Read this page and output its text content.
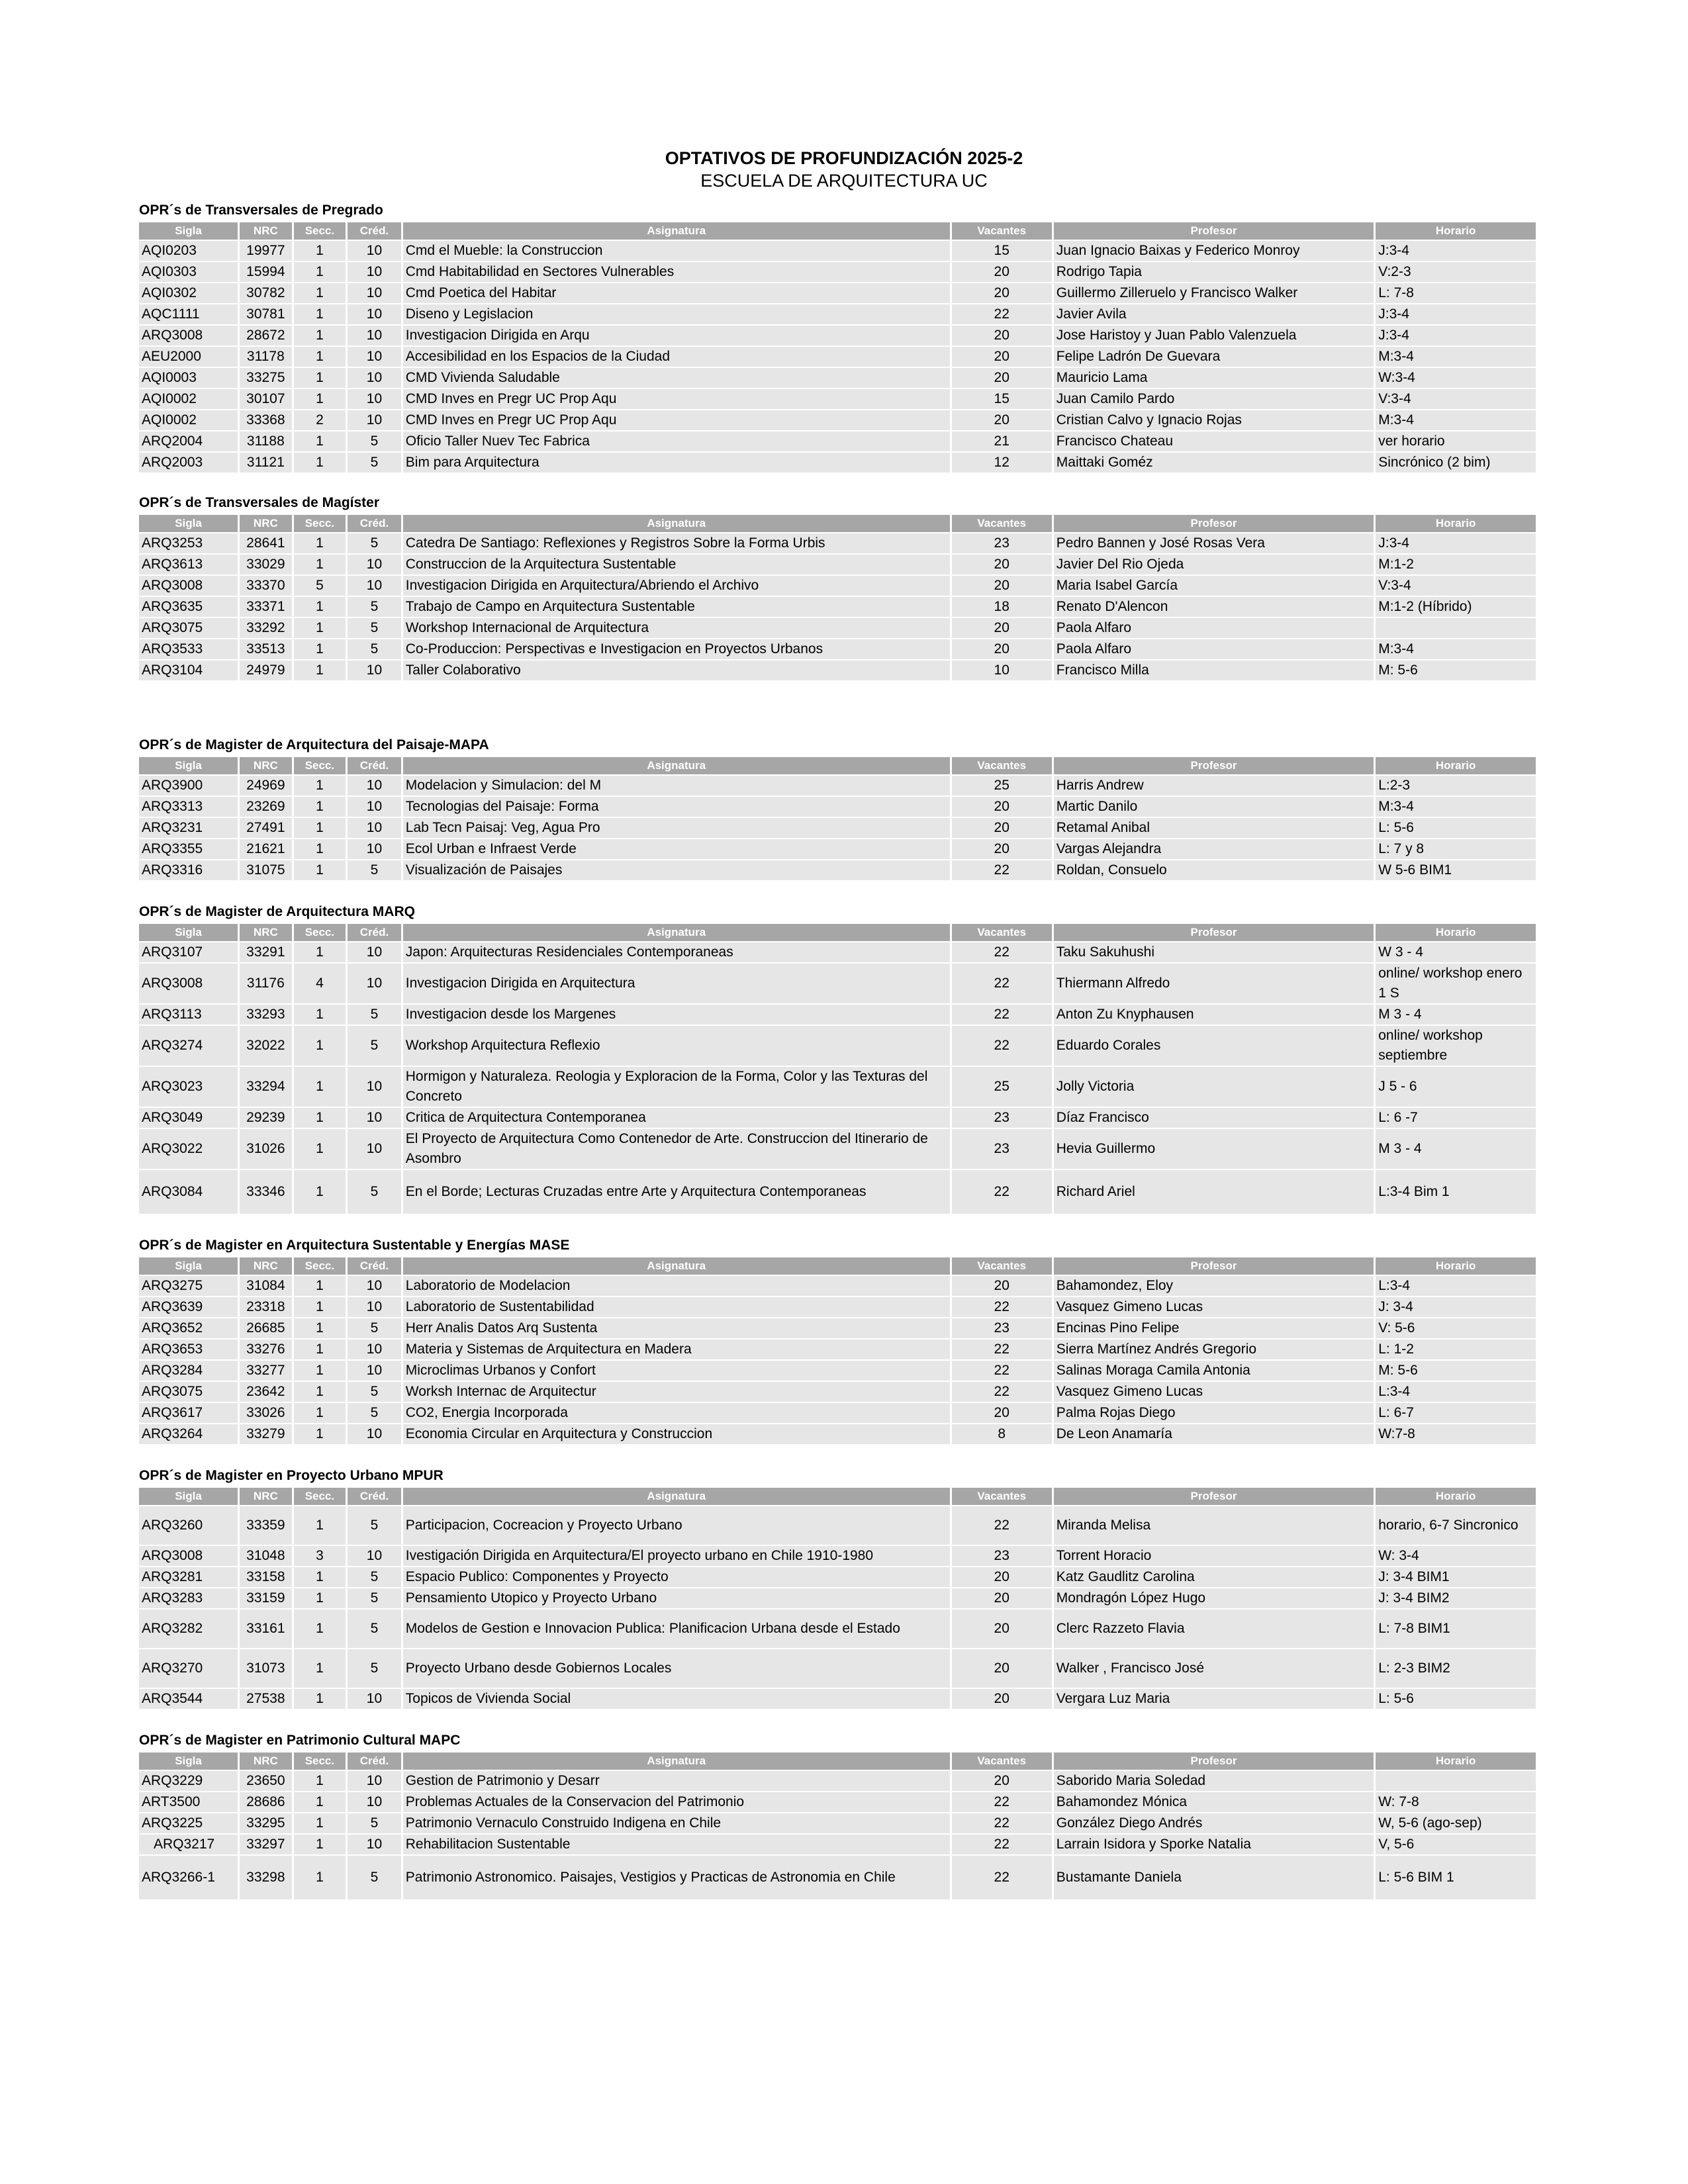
OPTATIVOS DE PROFUNDIZACIÓN 2025-2
ESCUELA DE ARQUITECTURA UC
OPR´s de Transversales de Pregrado
Sigla	NRC	Secc.	Créd.	Asignatura	Vacantes	Profesor	Horario
AQI0203	19977	1	10	Cmd el Mueble: la Construccion	15	Juan Ignacio Baixas y Federico Monroy	J:3-4
AQI0303	15994	1	10	Cmd Habitabilidad en Sectores Vulnerables	20	Rodrigo Tapia	V:2-3
AQI0302	30782	1	10	Cmd Poetica del Habitar	20	Guillermo Zilleruelo y Francisco Walker	L: 7-8
AQC1111	30781	1	10	Diseno y Legislacion	22	Javier Avila	J:3-4
ARQ3008	28672	1	10	Investigacion Dirigida en Arqu	20	Jose Haristoy y Juan Pablo Valenzuela	J:3-4
AEU2000	31178	1	10	Accesibilidad en los Espacios de la Ciudad	20	Felipe Ladrón De Guevara	M:3-4
AQI0003	33275	1	10	CMD Vivienda Saludable	20	Mauricio Lama	W:3-4
AQI0002	30107	1	10	CMD Inves en Pregr UC Prop Aqu	15	Juan Camilo Pardo	V:3-4
AQI0002	33368	2	10	CMD Inves en Pregr UC Prop Aqu	20	Cristian Calvo y Ignacio Rojas	M:3-4
ARQ2004	31188	1	5	Oficio Taller Nuev Tec Fabrica	21	Francisco Chateau	ver horario
ARQ2003	31121	1	5	Bim para Arquitectura	12	Maittaki Goméz	Sincrónico (2 bim)
OPR´s de Transversales de Magíster
Sigla	NRC	Secc.	Créd.	Asignatura	Vacantes	Profesor	Horario
ARQ3253	28641	1	5	Catedra De Santiago: Reflexiones y Registros Sobre la Forma Urbis	23	Pedro Bannen y José Rosas Vera	J:3-4
ARQ3613	33029	1	10	Construccion de la Arquitectura Sustentable	20	Javier Del Rio Ojeda	M:1-2
ARQ3008	33370	5	10	Investigacion Dirigida en Arquitectura/Abriendo el Archivo	20	Maria Isabel García	V:3-4
ARQ3635	33371	1	5	Trabajo de Campo en Arquitectura Sustentable	18	Renato D'Alencon	M:1-2 (Híbrido)
ARQ3075	33292	1	5	Workshop Internacional de Arquitectura	20	Paola Alfaro	
ARQ3533	33513	1	5	Co-Produccion: Perspectivas e Investigacion en Proyectos Urbanos	20	Paola Alfaro	M:3-4
ARQ3104	24979	1	10	Taller Colaborativo	10	Francisco Milla	M: 5-6
OPR´s de Magister de Arquitectura del Paisaje-MAPA
Sigla	NRC	Secc.	Créd.	Asignatura	Vacantes	Profesor	Horario
ARQ3900	24969	1	10	Modelacion y Simulacion: del M	25	Harris Andrew	L:2-3
ARQ3313	23269	1	10	Tecnologias del Paisaje: Forma	20	Martic Danilo	M:3-4
ARQ3231	27491	1	10	Lab Tecn Paisaj: Veg, Agua Pro	20	Retamal Anibal	L: 5-6
ARQ3355	21621	1	10	Ecol Urban e Infraest Verde	20	Vargas Alejandra	L: 7 y 8
ARQ3316	31075	1	5	Visualización de Paisajes	22	Roldan, Consuelo	W 5-6 BIM1
OPR´s de Magister de Arquitectura MARQ
Sigla	NRC	Secc.	Créd.	Asignatura	Vacantes	Profesor	Horario
ARQ3107	33291	1	10	Japon: Arquitecturas Residenciales Contemporaneas	22	Taku Sakuhushi	W 3 - 4
ARQ3008	31176	4	10	Investigacion Dirigida en Arquitectura	22	Thiermann Alfredo	online/ workshop enero 1 S
ARQ3113	33293	1	5	Investigacion desde los Margenes	22	Anton Zu Knyphausen	M 3 - 4
ARQ3274	32022	1	5	Workshop Arquitectura Reflexio	22	Eduardo Corales	online/ workshop septiembre
ARQ3023	33294	1	10	Hormigon y Naturaleza. Reologia y Exploracion de la Forma, Color y las Texturas del Concreto	25	Jolly Victoria	J 5 - 6
ARQ3049	29239	1	10	Critica de Arquitectura Contemporanea	23	Díaz Francisco	L: 6 -7
ARQ3022	31026	1	10	El Proyecto de Arquitectura Como Contenedor de Arte. Construccion del Itinerario de Asombro	23	Hevia Guillermo	M 3 - 4
ARQ3084	33346	1	5	En el Borde; Lecturas Cruzadas entre Arte y Arquitectura Contemporaneas	22	Richard Ariel	L:3-4 Bim 1
OPR´s de Magister en Arquitectura Sustentable y Energías MASE
Sigla	NRC	Secc.	Créd.	Asignatura	Vacantes	Profesor	Horario
ARQ3275	31084	1	10	Laboratorio de Modelacion	20	Bahamondez, Eloy	L:3-4
ARQ3639	23318	1	10	Laboratorio de Sustentabilidad	22	Vasquez Gimeno Lucas	J: 3-4
ARQ3652	26685	1	5	Herr Analis Datos Arq Sustenta	23	Encinas Pino Felipe	V: 5-6
ARQ3653	33276	1	10	Materia y Sistemas de Arquitectura en Madera	22	Sierra Martínez Andrés Gregorio	L: 1-2
ARQ3284	33277	1	10	Microclimas Urbanos y Confort	22	Salinas Moraga Camila Antonia	M: 5-6
ARQ3075	23642	1	5	Worksh Internac de Arquitectur	22	Vasquez Gimeno Lucas	L:3-4
ARQ3617	33026	1	5	CO2, Energia Incorporada	20	Palma Rojas Diego	L: 6-7
ARQ3264	33279	1	10	Economia Circular en Arquitectura y Construccion	8	De Leon Anamaría	W:7-8
OPR´s de Magister en Proyecto Urbano MPUR
Sigla	NRC	Secc.	Créd.	Asignatura	Vacantes	Profesor	Horario
ARQ3260	33359	1	5	Participacion, Cocreacion y Proyecto Urbano	22	Miranda Melisa	horario, 6-7 Sincronico
ARQ3008	31048	3	10	Ivestigación Dirigida en Arquitectura/El proyecto urbano en Chile 1910-1980	23	Torrent Horacio	W: 3-4
ARQ3281	33158	1	5	Espacio Publico: Componentes y Proyecto	20	Katz Gaudlitz Carolina	J: 3-4 BIM1
ARQ3283	33159	1	5	Pensamiento Utopico y Proyecto Urbano	20	Mondragón López Hugo	J: 3-4 BIM2
ARQ3282	33161	1	5	Modelos de Gestion e Innovacion Publica: Planificacion Urbana desde el Estado	20	Clerc Razzeto Flavia	L: 7-8 BIM1
ARQ3270	31073	1	5	Proyecto Urbano desde Gobiernos Locales	20	Walker , Francisco José	L: 2-3 BIM2
ARQ3544	27538	1	10	Topicos de Vivienda Social	20	Vergara Luz Maria	L: 5-6
OPR´s de Magister en Patrimonio Cultural MAPC
Sigla	NRC	Secc.	Créd.	Asignatura	Vacantes	Profesor	Horario
ARQ3229	23650	1	10	Gestion de Patrimonio y Desarr	20	Saborido Maria Soledad	
ART3500	28686	1	10	Problemas Actuales de la Conservacion del Patrimonio	22	Bahamondez Mónica	W: 7-8
ARQ3225	33295	1	5	Patrimonio Vernaculo Construido Indigena en Chile	22	González Diego Andrés	W, 5-6 (ago-sep)
ARQ3217	33297	1	10	Rehabilitacion Sustentable	22	Larrain Isidora y Sporke Natalia	V, 5-6
ARQ3266-1	33298	1	5	Patrimonio Astronomico. Paisajes, Vestigios y Practicas de Astronomia en Chile	22	Bustamante Daniela	L: 5-6 BIM 1
